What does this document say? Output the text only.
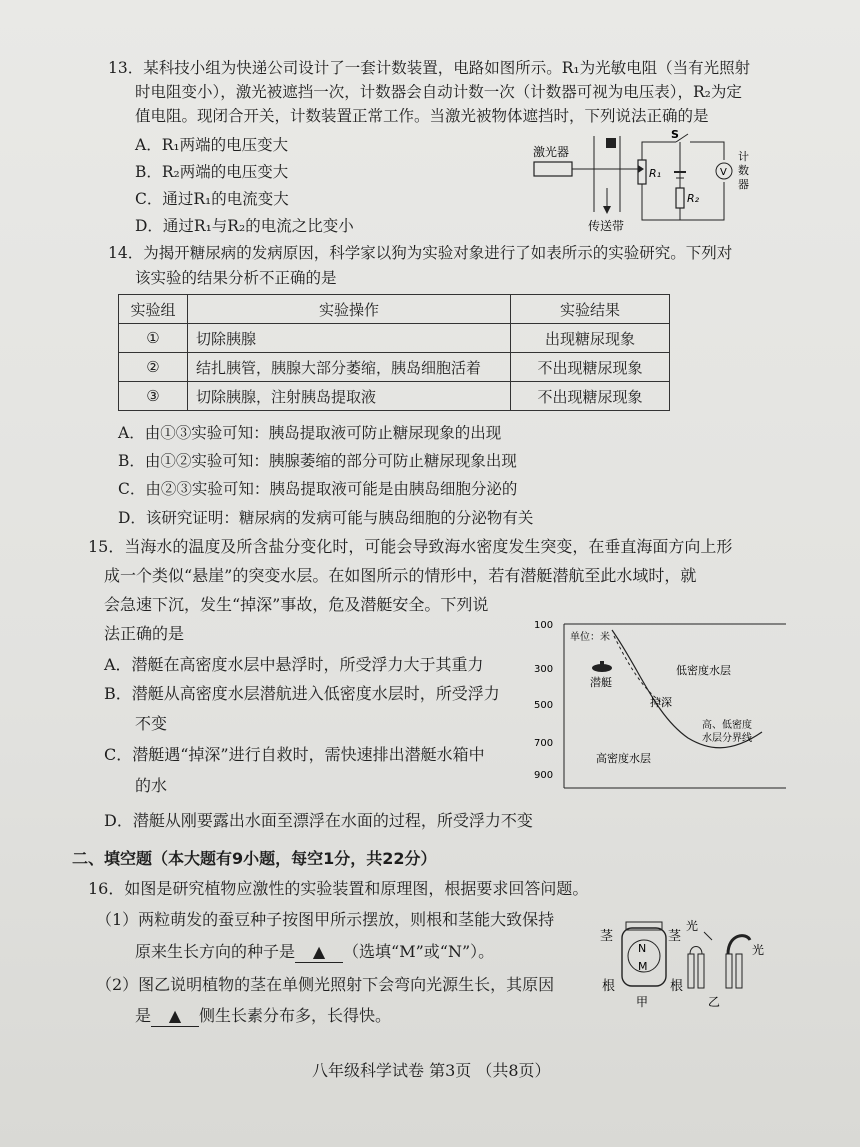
13．某科技小组为快递公司设计了一套计数装置，电路如图所示。R₁为光敏电阻（当有光照射
时电阻变小），激光被遮挡一次，计数器会自动计数一次（计数器可视为电压表），R₂为定
值电阻。现闭合开关，计数装置正常工作。当激光被物体遮挡时，下列说法正确的是
A．R₁两端的电压变大
B．R₂两端的电压变大
C．通过R₁的电流变大
D．通过R₁与R₂的电流之比变小
激光器
传送带
R₁
S
R₂
V
计
数
器
14．为揭开糖尿病的发病原因，科学家以狗为实验对象进行了如表所示的实验研究。下列对
该实验的结果分析不正确的是
实验组	实验操作	实验结果
①	切除胰腺	出现糖尿现象
②	结扎胰管，胰腺大部分萎缩，胰岛细胞活着	不出现糖尿现象
③	切除胰腺，注射胰岛提取液	不出现糖尿现象
A．由①③实验可知：胰岛提取液可防止糖尿现象的出现
B．由①②实验可知：胰腺萎缩的部分可防止糖尿现象出现
C．由②③实验可知：胰岛提取液可能是由胰岛细胞分泌的
D．该研究证明：糖尿病的发病可能与胰岛细胞的分泌物有关
15．当海水的温度及所含盐分变化时，可能会导致海水密度发生突变，在垂直海面方向上形
成一个类似“悬崖”的突变水层。在如图所示的情形中，若有潜艇潜航至此水域时，就
会急速下沉，发生“掉深”事故，危及潜艇安全。下列说
法正确的是
A．潜艇在高密度水层中悬浮时，所受浮力大于其重力
B．潜艇从高密度水层潜航进入低密度水层时，所受浮力
不变
C．潜艇遇“掉深”进行自救时，需快速排出潜艇水箱中
的水
D．潜艇从刚要露出水面至漂浮在水面的过程，所受浮力不变
100
300
500
700
900
单位：米
潜艇
低密度水层
掉深
高、低密度
水层分界线
高密度水层
二、填空题（本大题有9小题，每空1分，共22分）
16．如图是研究植物应激性的实验装置和原理图，根据要求回答问题。
（1）两粒萌发的蚕豆种子按图甲所示摆放，则根和茎能大致保持
原来生长方向的种子是 ▲ （选填“M”或“N”）。
（2）图乙说明植物的茎在单侧光照射下会弯向光源生长，其原因
是 ▲ 侧生长素分布多，长得快。
茎
根
N
M
甲
茎
根
光
光
乙
八年级科学试卷 第3页 （共8页）
